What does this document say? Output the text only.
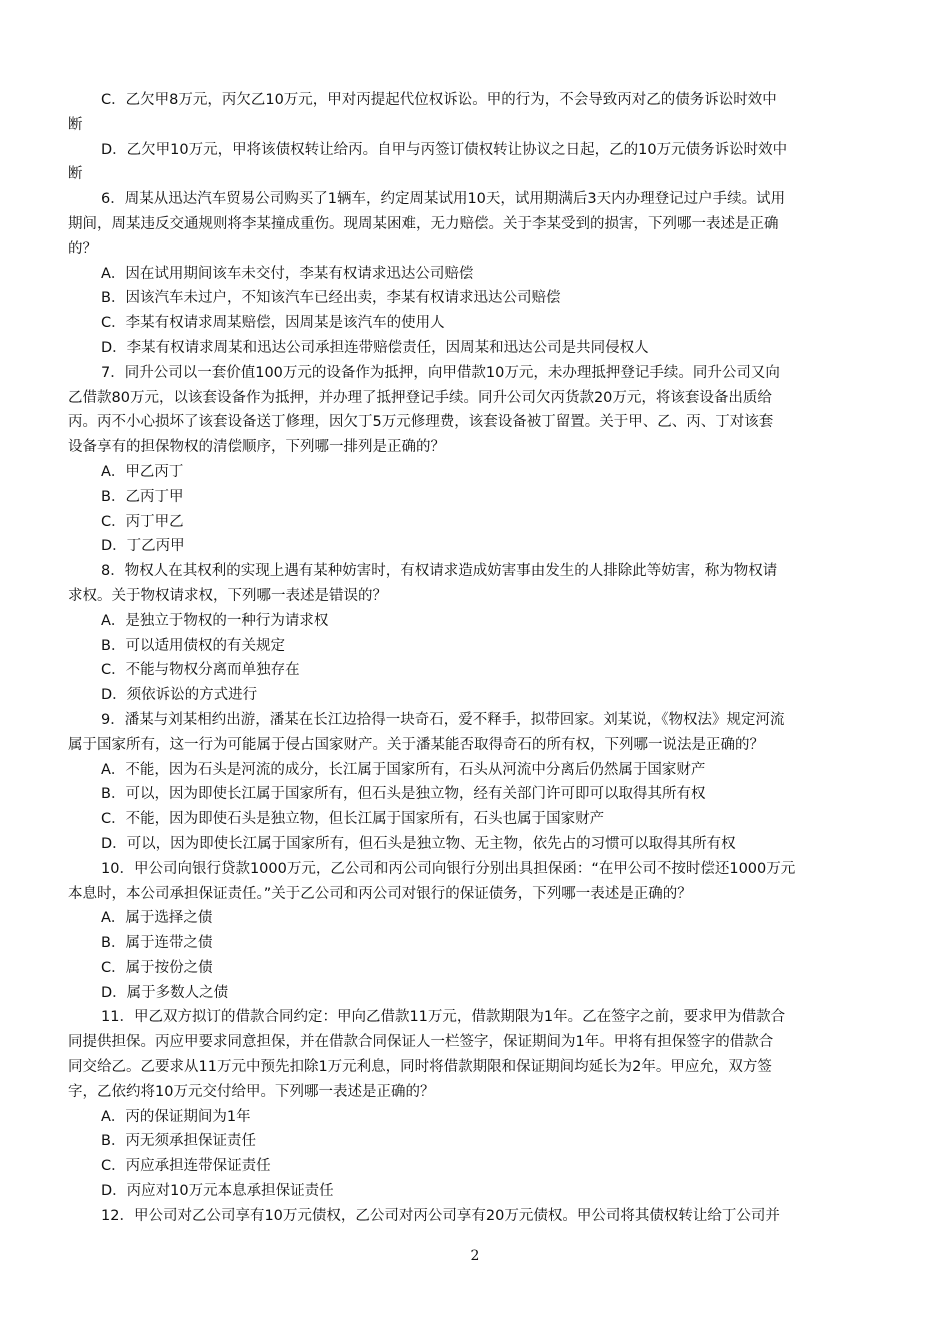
C．乙欠甲8万元，丙欠乙10万元，甲对丙提起代位权诉讼。甲的行为，不会导致丙对乙的债务诉讼时效中
断
D．乙欠甲10万元，甲将该债权转让给丙。自甲与丙签订债权转让协议之日起，乙的10万元债务诉讼时效中
断
6．周某从迅达汽车贸易公司购买了1辆车，约定周某试用10天，试用期满后3天内办理登记过户手续。试用
期间，周某违反交通规则将李某撞成重伤。现周某困难，无力赔偿。关于李某受到的损害，下列哪一表述是正确
的？
A．因在试用期间该车未交付，李某有权请求迅达公司赔偿
B．因该汽车未过户，不知该汽车已经出卖，李某有权请求迅达公司赔偿
C．李某有权请求周某赔偿，因周某是该汽车的使用人
D．李某有权请求周某和迅达公司承担连带赔偿责任，因周某和迅达公司是共同侵权人
7．同升公司以一套价值100万元的设备作为抵押，向甲借款10万元，未办理抵押登记手续。同升公司又向
乙借款80万元，以该套设备作为抵押，并办理了抵押登记手续。同升公司欠丙货款20万元，将该套设备出质给
丙。丙不小心损坏了该套设备送丁修理，因欠丁5万元修理费，该套设备被丁留置。关于甲、乙、丙、丁对该套
设备享有的担保物权的清偿顺序，下列哪一排列是正确的？
A．甲乙丙丁
B．乙丙丁甲
C．丙丁甲乙
D．丁乙丙甲
8．物权人在其权利的实现上遇有某种妨害时，有权请求造成妨害事由发生的人排除此等妨害，称为物权请
求权。关于物权请求权，下列哪一表述是错误的？
A．是独立于物权的一种行为请求权
B．可以适用债权的有关规定
C．不能与物权分离而单独存在
D．须依诉讼的方式进行
9．潘某与刘某相约出游，潘某在长江边拾得一块奇石，爱不释手，拟带回家。刘某说，《物权法》规定河流
属于国家所有，这一行为可能属于侵占国家财产。关于潘某能否取得奇石的所有权，下列哪一说法是正确的？
A．不能，因为石头是河流的成分，长江属于国家所有，石头从河流中分离后仍然属于国家财产
B．可以，因为即使长江属于国家所有，但石头是独立物，经有关部门许可即可以取得其所有权
C．不能，因为即使石头是独立物，但长江属于国家所有，石头也属于国家财产
D．可以，因为即使长江属于国家所有，但石头是独立物、无主物，依先占的习惯可以取得其所有权
10．甲公司向银行贷款1000万元，乙公司和丙公司向银行分别出具担保函：“在甲公司不按时偿还1000万元
本息时，本公司承担保证责任。”关于乙公司和丙公司对银行的保证债务，下列哪一表述是正确的？
A．属于选择之债
B．属于连带之债
C．属于按份之债
D．属于多数人之债
11．甲乙双方拟订的借款合同约定：甲向乙借款11万元，借款期限为1年。乙在签字之前，要求甲为借款合
同提供担保。丙应甲要求同意担保，并在借款合同保证人一栏签字，保证期间为1年。甲将有担保签字的借款合
同交给乙。乙要求从11万元中预先扣除1万元利息，同时将借款期限和保证期间均延长为2年。甲应允，双方签
字，乙依约将10万元交付给甲。下列哪一表述是正确的？
A．丙的保证期间为1年
B．丙无须承担保证责任
C．丙应承担连带保证责任
D．丙应对10万元本息承担保证责任
12．甲公司对乙公司享有10万元债权，乙公司对丙公司享有20万元债权。甲公司将其债权转让给丁公司并
2
